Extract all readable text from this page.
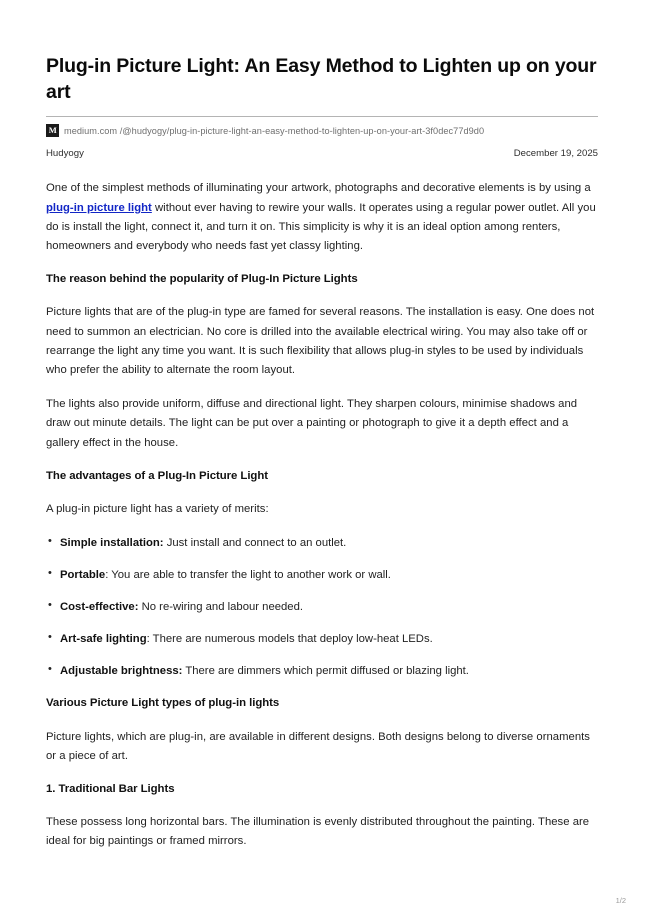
Plug-in Picture Light: An Easy Method to Lighten up on your art
M medium.com /@hudyogy/plug-in-picture-light-an-easy-method-to-lighten-up-on-your-art-3f0dec77d9d0
Hudyogy	December 19, 2025

One of the simplest methods of illuminating your artwork, photographs and decorative elements is by using a plug-in picture light without ever having to rewire your walls. It operates using a regular power outlet. All you do is install the light, connect it, and turn it on. This simplicity is why it is an ideal option among renters, homeowners and everybody who needs fast yet classy lighting.

The reason behind the popularity of Plug-In Picture Lights

Picture lights that are of the plug-in type are famed for several reasons. The installation is easy. One does not need to summon an electrician. No core is drilled into the available electrical wiring. You may also take off or rearrange the light any time you want. It is such flexibility that allows plug-in styles to be used by individuals who prefer the ability to alternate the room layout.

The lights also provide uniform, diffuse and directional light. They sharpen colours, minimise shadows and draw out minute details. The light can be put over a painting or photograph to give it a depth effect and a gallery effect in the house.

The advantages of a Plug-In Picture Light

A plug-in picture light has a variety of merits:

• Simple installation: Just install and connect to an outlet.
• Portable: You are able to transfer the light to another work or wall.
• Cost-effective: No re-wiring and labour needed.
• Art-safe lighting: There are numerous models that deploy low-heat LEDs.
• Adjustable brightness: There are dimmers which permit diffused or blazing light.
Various Picture Light types of plug-in lights

Picture lights, which are plug-in, are available in different designs. Both designs belong to diverse ornaments or a piece of art.

1. Traditional Bar Lights

These possess long horizontal bars. The illumination is evenly distributed throughout the painting. These are ideal for big paintings or framed mirrors.

1/2
